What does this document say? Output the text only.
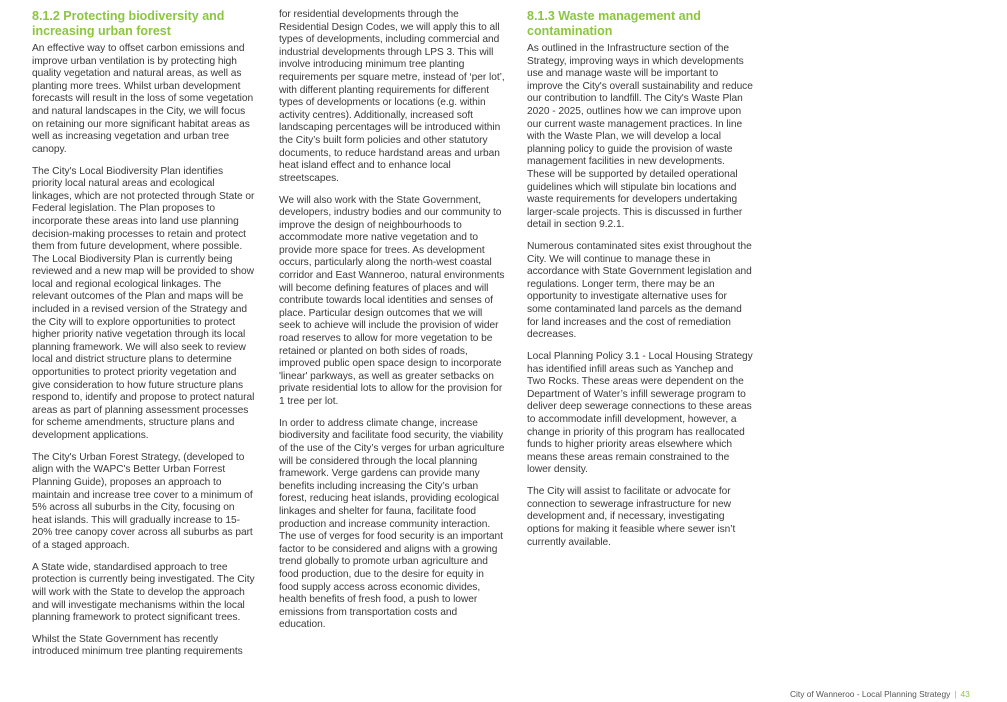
8.1.2 Protecting biodiversity and increasing urban forest

An effective way to offset carbon emissions and improve urban ventilation is by protecting high quality vegetation and natural areas, as well as planting more trees. Whilst urban development forecasts will result in the loss of some vegetation and natural landscapes in the City, we will focus on retaining our more significant habitat areas as well as increasing vegetation and urban tree canopy.

The City's Local Biodiversity Plan identifies priority local natural areas and ecological linkages, which are not protected through State or Federal legislation. The Plan proposes to incorporate these areas into land use planning decision-making processes to retain and protect them from future development, where possible. The Local Biodiversity Plan is currently being reviewed and a new map will be provided to show local and regional ecological linkages. The relevant outcomes of the Plan and maps will be included in a revised version of the Strategy and the City will to explore opportunities to protect higher priority native vegetation through its local planning framework. We will also seek to review local and district structure plans to determine opportunities to protect priority vegetation and give consideration to how future structure plans respond to, identify and propose to protect natural areas as part of planning assessment processes for scheme amendments, structure plans and development applications.

The City's Urban Forest Strategy, (developed to align with the WAPC's Better Urban Forrest Planning Guide), proposes an approach to maintain and increase tree cover to a minimum of 5% across all suburbs in the City, focusing on heat islands. This will gradually increase to 15-20% tree canopy cover across all suburbs as part of a staged approach.

A State wide, standardised approach to tree protection is currently being investigated. The City will work with the State to develop the approach and will investigate mechanisms within the local planning framework to protect significant trees.

Whilst the State Government has recently introduced minimum tree planting requirements

for residential developments through the Residential Design Codes, we will apply this to all types of developments, including commercial and industrial developments through LPS 3. This will involve introducing minimum tree planting requirements per square metre, instead of ‘per lot’, with different planting requirements for different types of developments or locations (e.g. within activity centres). Additionally, increased soft landscaping percentages will be introduced within the City’s built form policies and other statutory documents, to reduce hardstand areas and urban heat island effect and to enhance local streetscapes.

We will also work with the State Government, developers, industry bodies and our community to improve the design of neighbourhoods to accommodate more native vegetation and to provide more space for trees. As development occurs, particularly along the north-west coastal corridor and East Wanneroo, natural environments will become defining features of places and will contribute towards local identities and senses of place. Particular design outcomes that we will seek to achieve will include the provision of wider road reserves to allow for more vegetation to be retained or planted on both sides of roads, improved public open space design to incorporate 'linear' parkways, as well as greater setbacks on private residential lots to allow for the provision for 1 tree per lot.

In order to address climate change, increase biodiversity and facilitate food security, the viability of the use of the City’s verges for urban agriculture will be considered through the local planning framework. Verge gardens can provide many benefits including increasing the City’s urban forest, reducing heat islands, providing ecological linkages and shelter for fauna, facilitate food production and increase community interaction. The use of verges for food security is an important factor to be considered and aligns with a growing trend globally to promote urban agriculture and food production, due to the desire for equity in food supply access across economic divides, health benefits of fresh food, a push to lower emissions from transportation costs and education.

8.1.3 Waste management and contamination

As outlined in the Infrastructure section of the Strategy, improving ways in which developments use and manage waste will be important to improve the City's overall sustainability and reduce our contribution to landfill. The City's Waste Plan 2020 - 2025, outlines how we can improve upon our current waste management practices. In line with the Waste Plan, we will develop a local planning policy to guide the provision of waste management facilities in new developments. These will be supported by detailed operational guidelines which will stipulate bin locations and waste requirements for developers undertaking larger-scale projects. This is discussed in further detail in section 9.2.1.

Numerous contaminated sites exist throughout the City. We will continue to manage these in accordance with State Government legislation and regulations. Longer term, there may be an opportunity to investigate alternative uses for some contaminated land parcels as the demand for land increases and the cost of remediation decreases.

Local Planning Policy 3.1 - Local Housing Strategy has identified infill areas such as Yanchep and Two Rocks. These areas were dependent on the Department of Water’s infill sewerage program to deliver deep sewerage connections to these areas to accommodate infill development, however, a change in priority of this program has reallocated funds to higher priority areas elsewhere which means these areas remain constrained to the lower density.

The City will assist to facilitate or advocate for connection to sewerage infrastructure for new development and, if necessary, investigating options for making it feasible where sewer isn’t currently available.

City of Wanneroo - Local Planning Strategy | 43
